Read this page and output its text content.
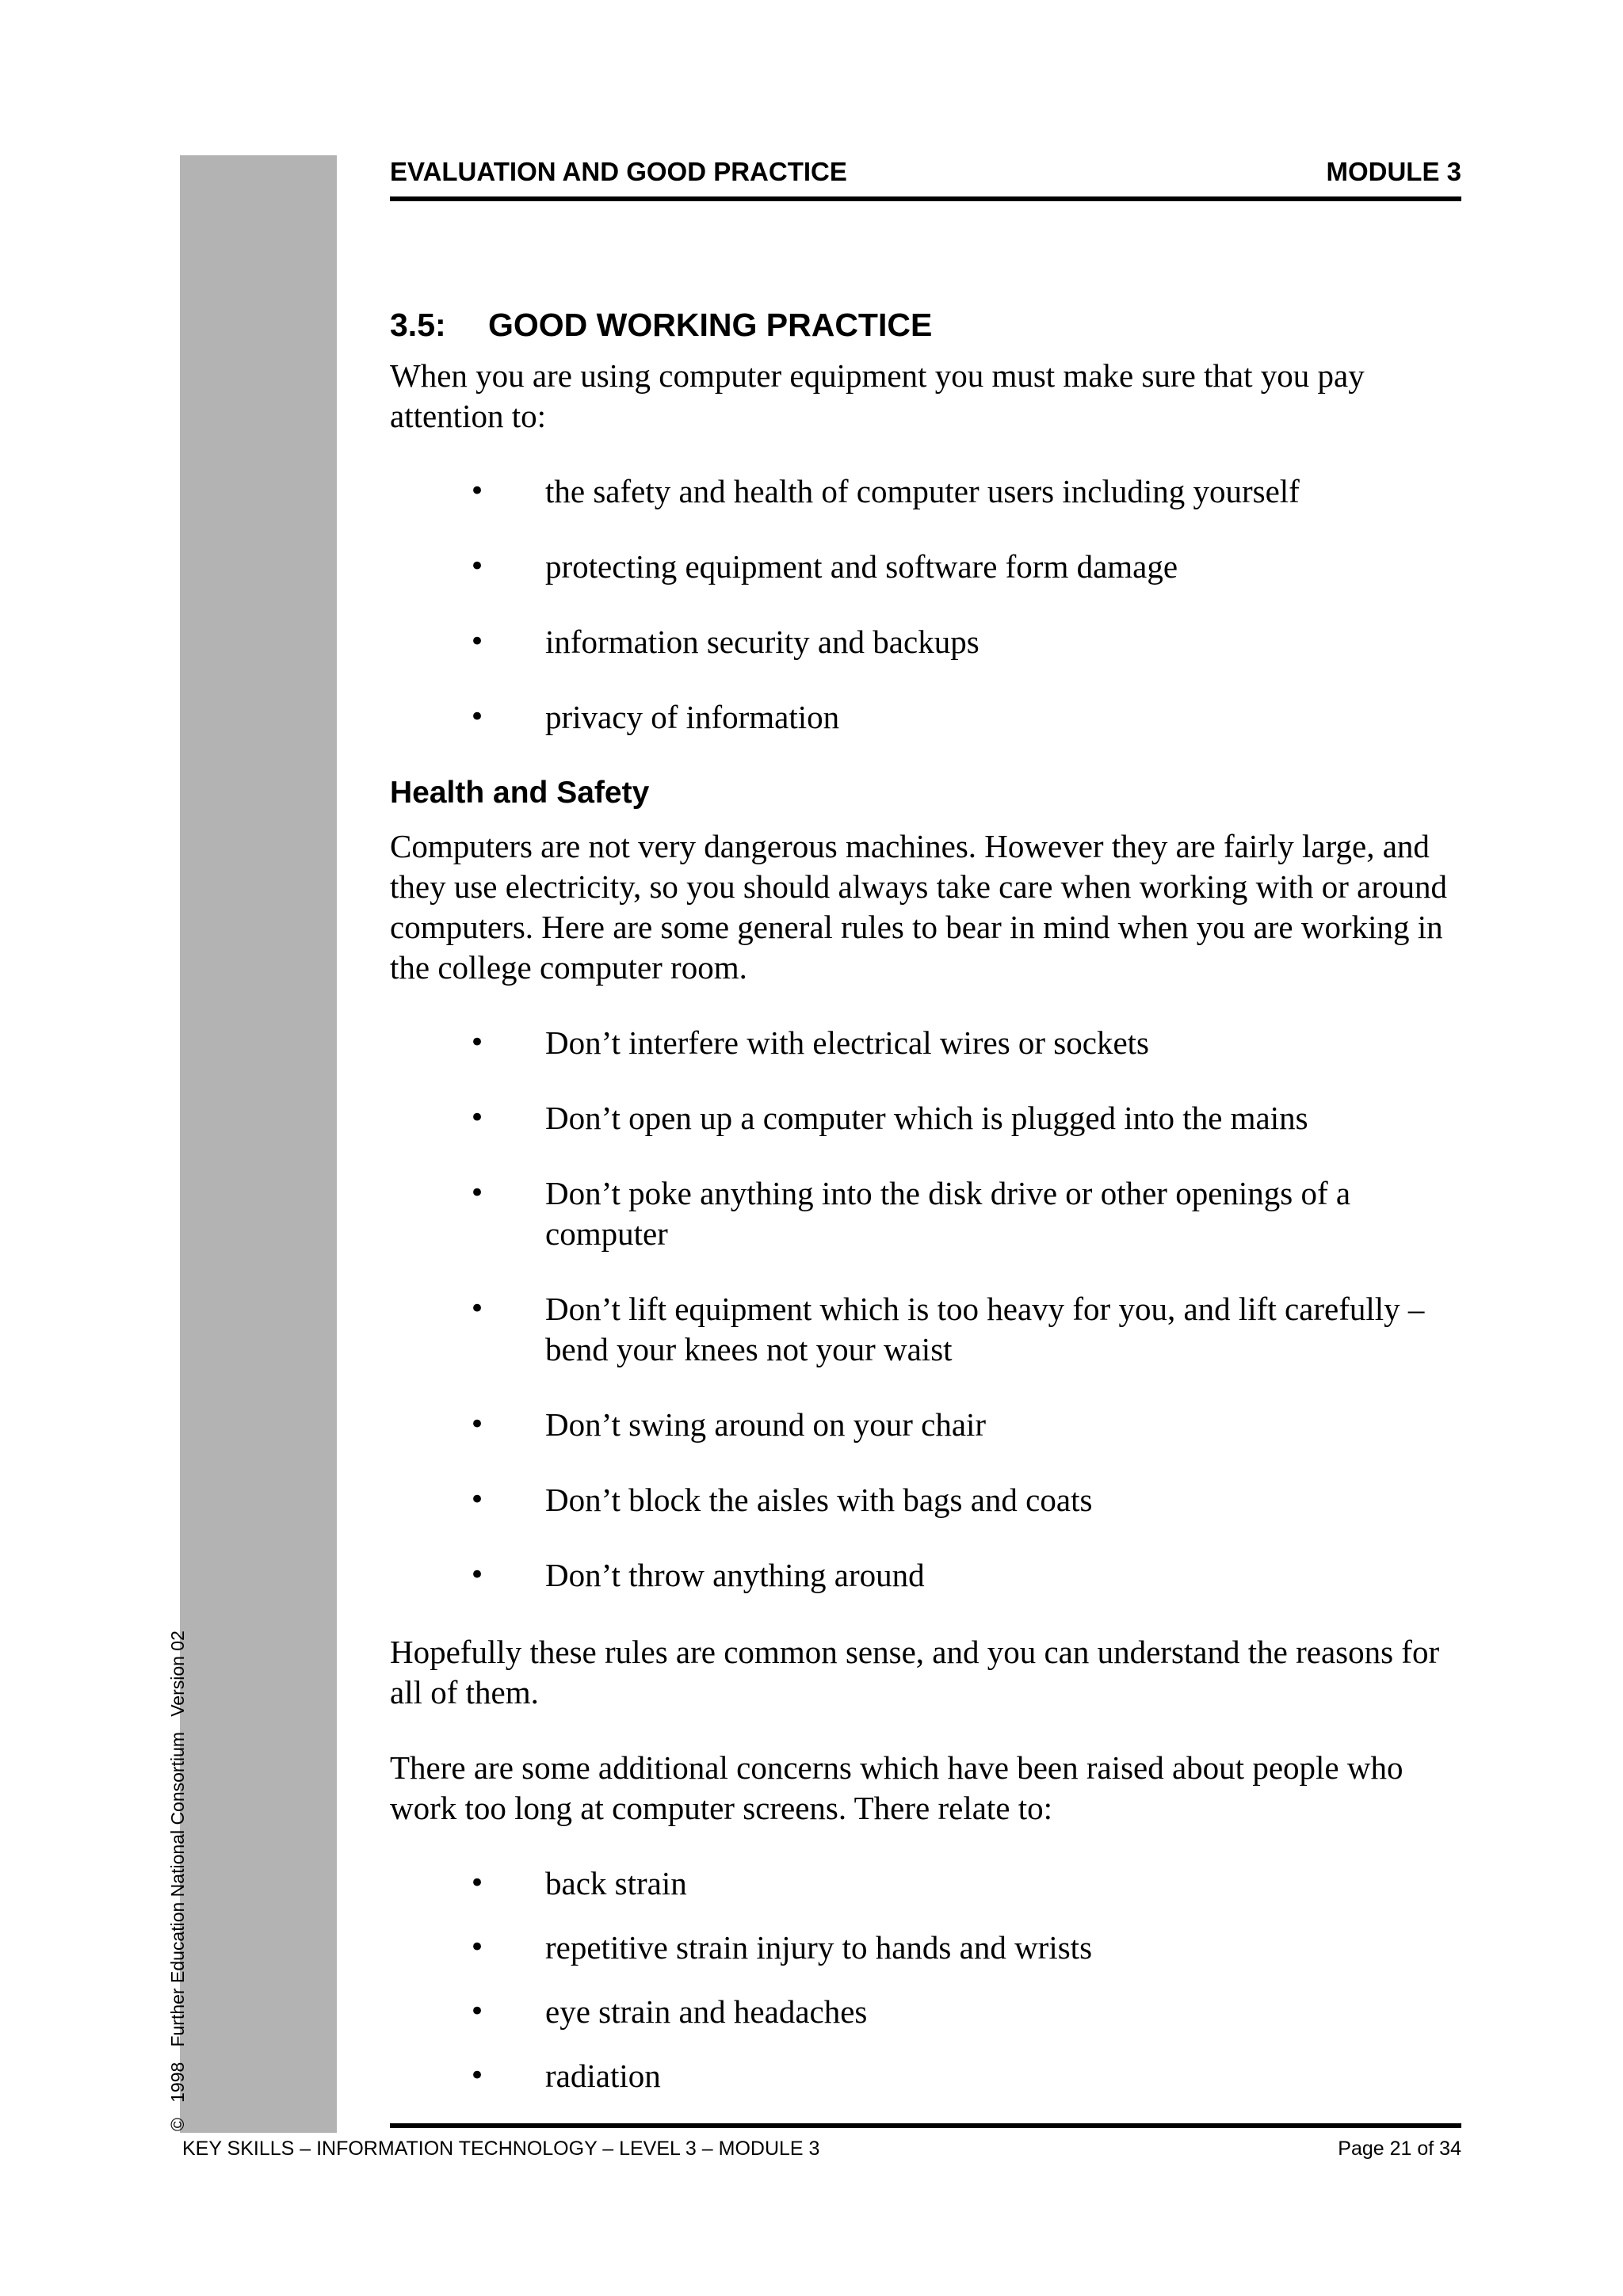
©   1998   Further Education National Consortium   Version 02
EVALUATION AND GOOD PRACTICE	MODULE 3
3.5:	GOOD WORKING PRACTICE

When you are using computer equipment you must make sure that you pay attention to:

• the safety and health of computer users including yourself
• protecting equipment and software form damage
• information security and backups
• privacy of information
Health and Safety

Computers are not very dangerous machines. However they are fairly large, and they use electricity, so you should always take care when working with or around computers. Here are some general rules to bear in mind when you are working in the college computer room.

• Don’t interfere with electrical wires or sockets
• Don’t open up a computer which is plugged into the mains
• Don’t poke anything into the disk drive or other openings of a computer
• Don’t lift equipment which is too heavy for you, and lift carefully – bend your knees not your waist
• Don’t swing around on your chair
• Don’t block the aisles with bags and coats
• Don’t throw anything around

Hopefully these rules are common sense, and you can understand the reasons for all of them.

There are some additional concerns which have been raised about people who work too long at computer screens. There relate to:

• back strain
• repetitive strain injury to hands and wrists
• eye strain and headaches
• radiation
KEY SKILLS – INFORMATION TECHNOLOGY – LEVEL 3 – MODULE 3	Page 21 of 34
